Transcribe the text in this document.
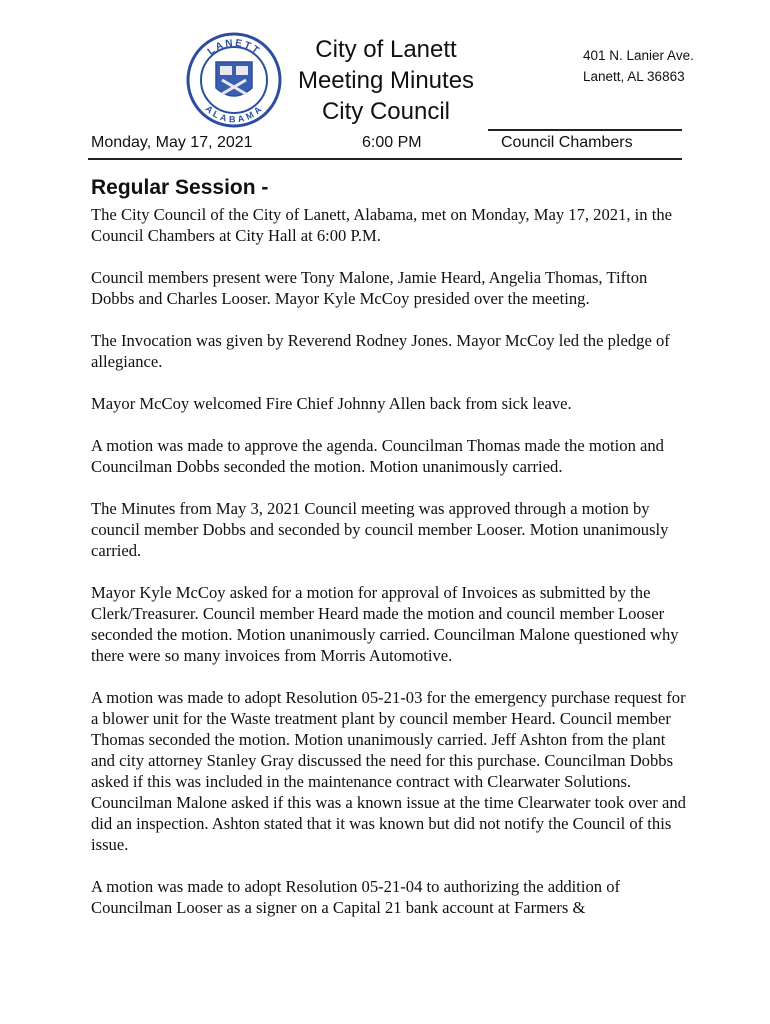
LANETT
ALABAMA
City of Lanett
Meeting Minutes
City Council
401 N. Lanier Ave.
Lanett, AL 36863
Monday, May 17, 2021	6:00 PM	Council Chambers
Regular Session -

The City Council of the City of Lanett, Alabama, met on Monday, May 17, 2021, in the Council Chambers at City Hall at 6:00 P.M.

Council members present were Tony Malone, Jamie Heard, Angelia Thomas, Tifton Dobbs and Charles Looser. Mayor Kyle McCoy presided over the meeting.

The Invocation was given by Reverend Rodney Jones. Mayor McCoy led the pledge of allegiance.

Mayor McCoy welcomed Fire Chief Johnny Allen back from sick leave.

A motion was made to approve the agenda. Councilman Thomas made the motion and Councilman Dobbs seconded the motion. Motion unanimously carried.

The Minutes from May 3, 2021 Council meeting was approved through a motion by council member Dobbs and seconded by council member Looser. Motion unanimously carried.

Mayor Kyle McCoy asked for a motion for approval of Invoices as submitted by the Clerk/Treasurer. Council member Heard made the motion and council member Looser seconded the motion. Motion unanimously carried. Councilman Malone questioned why there were so many invoices from Morris Automotive.

A motion was made to adopt Resolution 05-21-03 for the emergency purchase request for a blower unit for the Waste treatment plant by council member Heard. Council member Thomas seconded the motion. Motion unanimously carried. Jeff Ashton from the plant and city attorney Stanley Gray discussed the need for this purchase. Councilman Dobbs asked if this was included in the maintenance contract with Clearwater Solutions. Councilman Malone asked if this was a known issue at the time Clearwater took over and did an inspection. Ashton stated that it was known but did not notify the Council of this issue.

A motion was made to adopt Resolution 05-21-04 to authorizing the addition of Councilman Looser as a signer on a Capital 21 bank account at Farmers &
